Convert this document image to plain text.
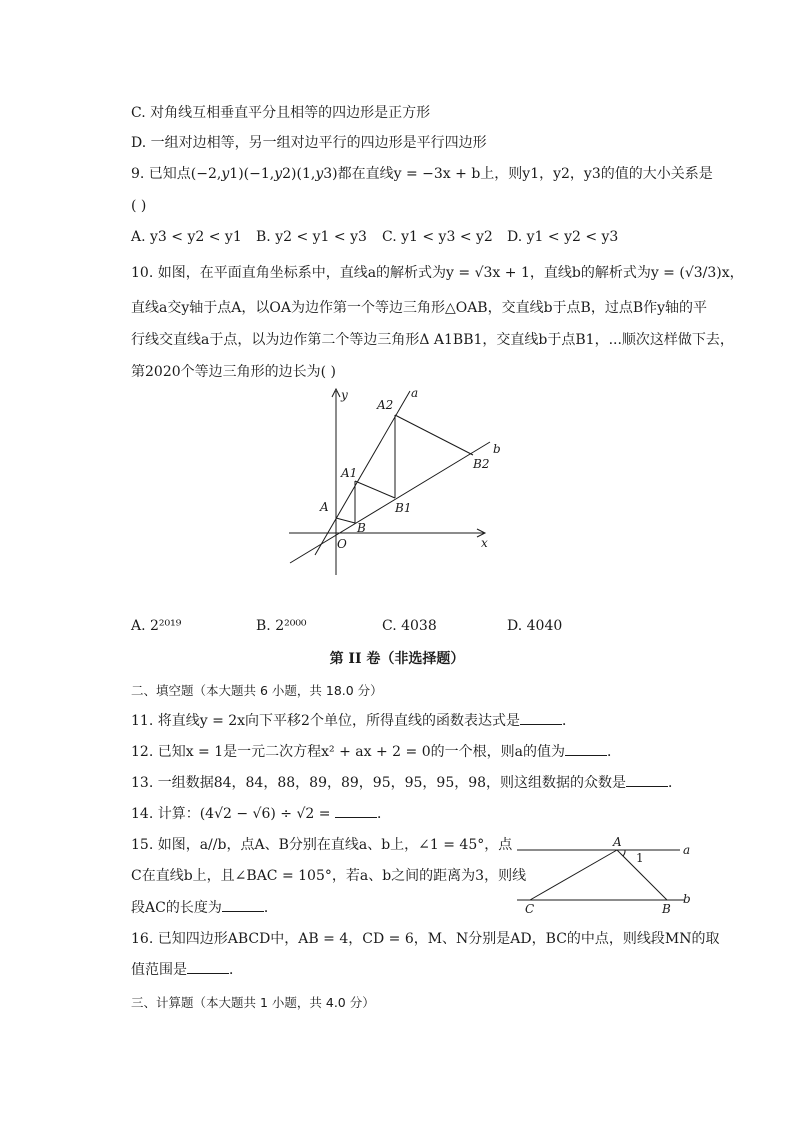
C. 对角线互相垂直平分且相等的四边形是正方形
D. 一组对边相等，另一组对边平行的四边形是平行四边形
9. 已知点(−2,y1)(−1,y2)(1,y3)都在直线y = −3x + b上，则y1，y2，y3的值的大小关系是
( )
A. y3 < y2 < y1 B. y2 < y1 < y3 C. y1 < y3 < y2 D. y1 < y2 < y3
10. 如图，在平面直角坐标系中，直线a的解析式为y = √3x + 1，直线b的解析式为y = (√3/3)x，
直线a交y轴于点A，以OA为边作第一个等边三角形△OAB，交直线b于点B，过点B作y轴的平
行线交直线a于点，以为边作第二个等边三角形Δ A1BB1，交直线b于点B1，...顺次这样做下去，
第2020个等边三角形的边长为( )
y
x
O
a
b
A
B
A1
B1
A2
B2
A. 2²⁰¹⁹	B. 2²⁰⁰⁰	C. 4038	D. 4040
第 II 卷（非选择题）
二、填空题（本大题共 6 小题，共 18.0 分）
11. 将直线y = 2x向下平移2个单位，所得直线的函数表达式是	．
12. 已知x = 1是一元二次方程x² + ax + 2 = 0的一个根，则a的值为	．
13. 一组数据84，84，88，89，89，95，95，95，98，则这组数据的众数是	．
14. 计算：(4√2 − √6) ÷ √2 =	．
15. 如图，a//b，点A、B分别在直线a、b上，∠1 = 45°，点
C在直线b上，且∠BAC = 105°，若a、b之间的距离为3，则线
段AC的长度为	．
A
B
C
a
b
1
16. 已知四边形ABCD中，AB = 4，CD = 6，M、N分别是AD，BC的中点，则线段MN的取
值范围是	．
三、计算题（本大题共 1 小题，共 4.0 分）
